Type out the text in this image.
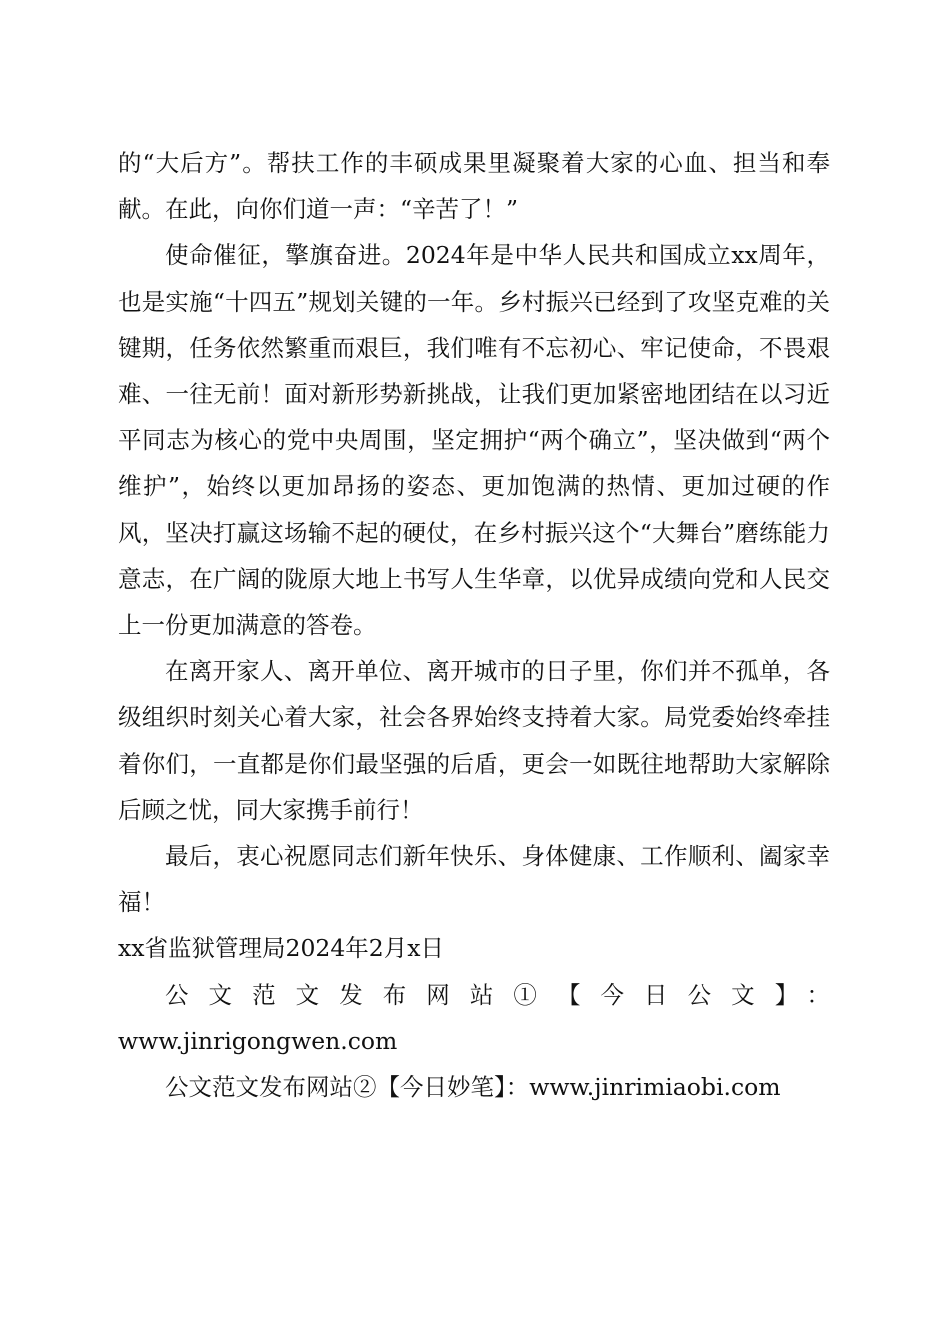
的“大后方”。帮扶工作的丰硕成果里凝聚着大家的心血、担当和奉献。在此，向你们道一声：“辛苦了！”

使命催征，擎旗奋进。2024年是中华人民共和国成立xx周年，也是实施“十四五”规划关键的一年。乡村振兴已经到了攻坚克难的关键期，任务依然繁重而艰巨，我们唯有不忘初心、牢记使命，不畏艰难、一往无前！面对新形势新挑战，让我们更加紧密地团结在以习近平同志为核心的党中央周围，坚定拥护“两个确立”，坚决做到“两个维护”，始终以更加昂扬的姿态、更加饱满的热情、更加过硬的作风，坚决打赢这场输不起的硬仗，在乡村振兴这个“大舞台”磨练能力意志，在广阔的陇原大地上书写人生华章，以优异成绩向党和人民交上一份更加满意的答卷。

在离开家人、离开单位、离开城市的日子里，你们并不孤单，各级组织时刻关心着大家，社会各界始终支持着大家。局党委始终牵挂着你们，一直都是你们最坚强的后盾，更会一如既往地帮助大家解除后顾之忧，同大家携手前行！

最后，衷心祝愿同志们新年快乐、身体健康、工作顺利、阖家幸福！

xx省监狱管理局2024年2月x日

公文范文发布网站①【今日公文】：
www.jinrigongwen.com

公文范文发布网站②【今日妙笔】：www.jinrimiaobi.com
